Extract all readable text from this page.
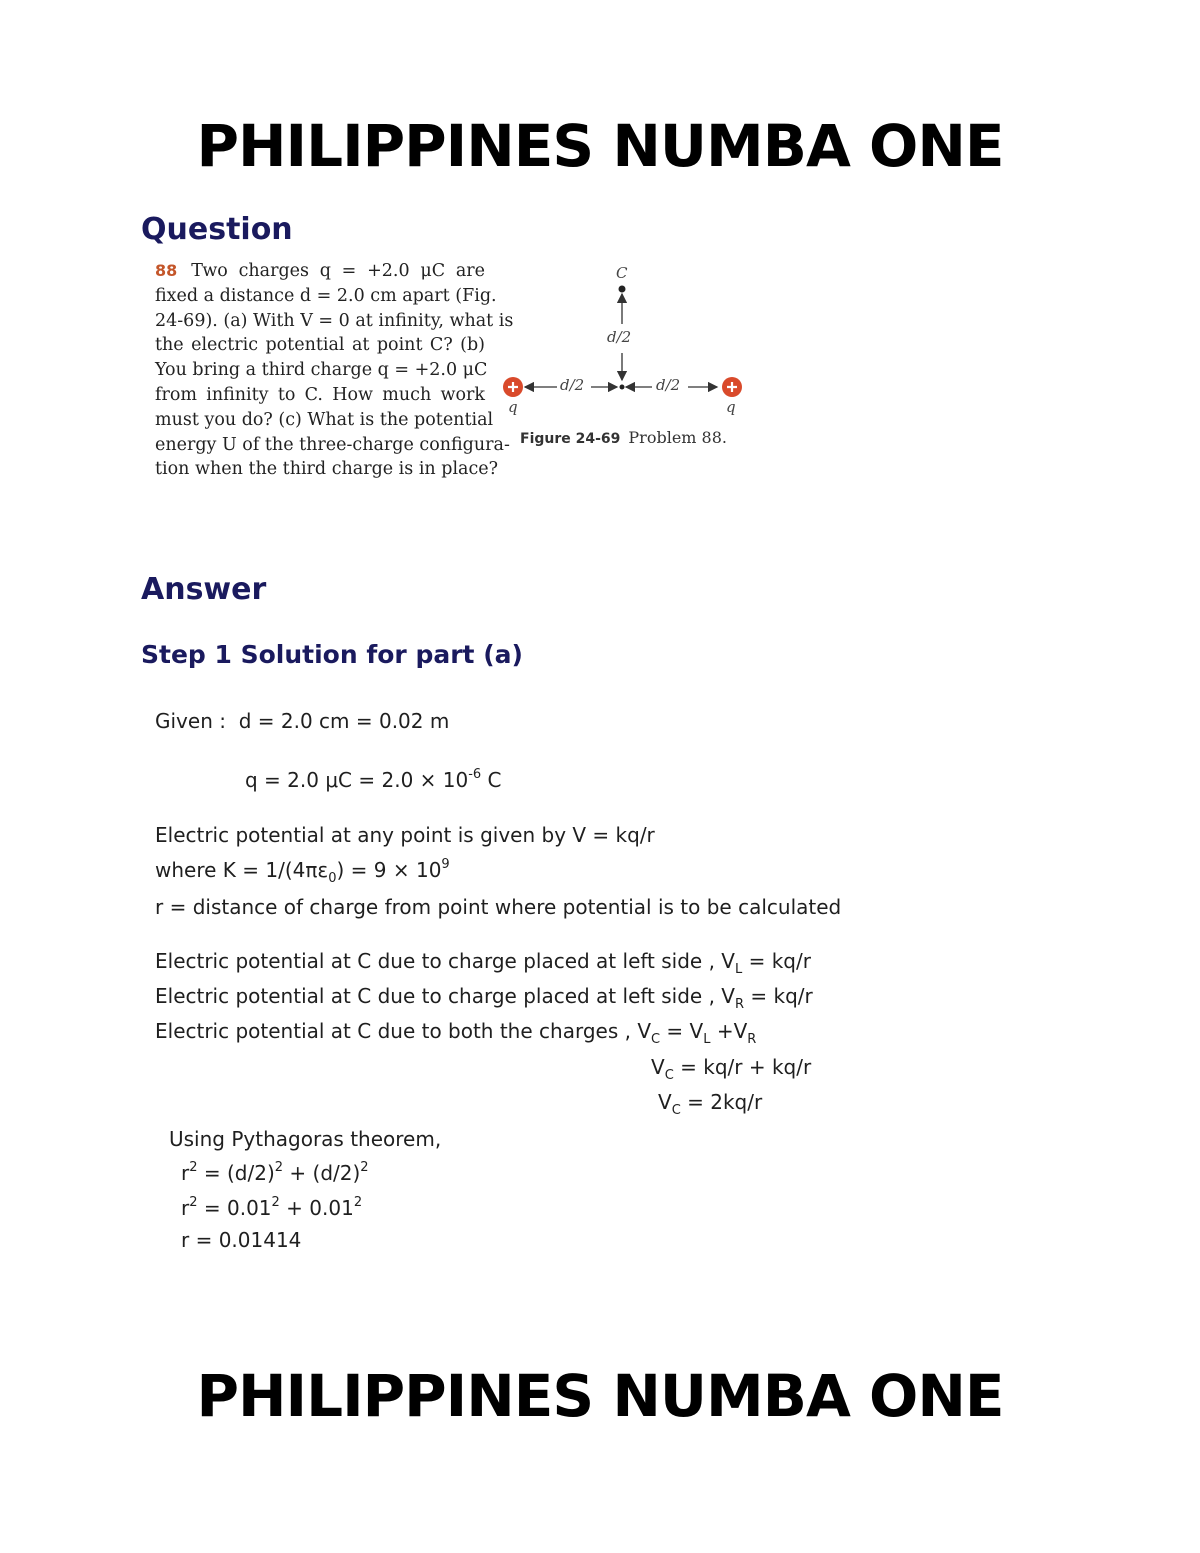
PHILIPPINES NUMBA ONE
Question
88 Two charges q = +2.0 μC are
fixed a distance d = 2.0 cm apart (Fig.
24-69). (a) With V = 0 at infinity, what is
the electric potential at point C? (b)
You bring a third charge q = +2.0 μC
from infinity to C. How much work
must you do? (c) What is the potential
energy U of the three-charge configura-
tion when the third charge is in place?
C
d/2
d/2	d/2
q	q
Figure 24-69 Problem 88.
Answer
Step 1 Solution for part (a)
Given : d = 2.0 cm = 0.02 m
q = 2.0 $\mu C = 2.0 \times 10^{-6}$ C
Electric potential at any point is given by V = kq/r
where $K = 1/(4\pi\varepsilon_0) = 9 \times 10^9$
r = distance of charge from point where potential is to be calculated
Electric potential at C due to charge placed at left side , $V_L = kq/r$
Electric potential at C due to charge placed at left side , $V_R = kq/r$
Electric potential at C due to both the charges , $V_C = V_L +V_R$
$V_C = kq/r + kq/r$
$V_C = 2kq/r$
Using Pythagoras theorem,
$r^2 = (d/2)^2 + (d/2)^2$
$r^2 = 0.01^2 + 0.01^2$
r = 0.01414
PHILIPPINES NUMBA ONE
